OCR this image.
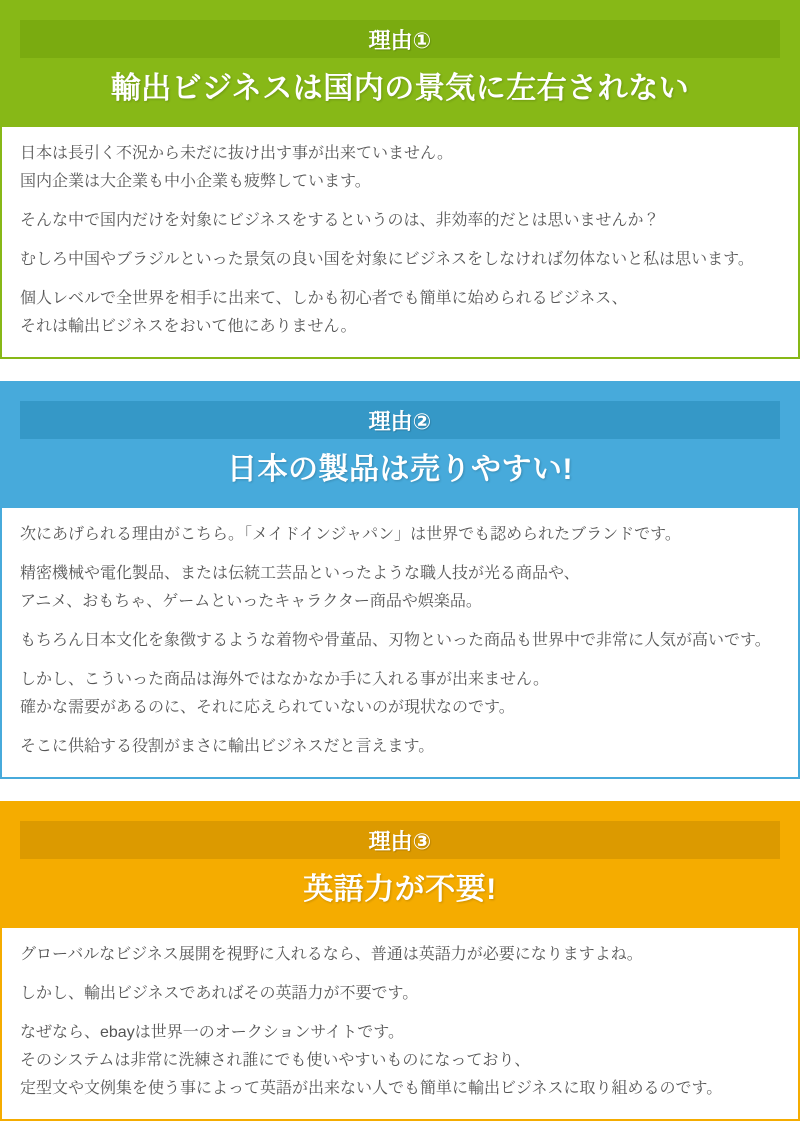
理由①
輸出ビジネスは国内の景気に左右されない

日本は長引く不況から未だに抜け出す事が出来ていません。
国内企業は大企業も中小企業も疲弊しています。

そんな中で国内だけを対象にビジネスをするというのは、非効率的だとは思いませんか？

むしろ中国やブラジルといった景気の良い国を対象にビジネスをしなければ勿体ないと私は思います。

個人レベルで全世界を相手に出来て、しかも初心者でも簡単に始められるビジネス、
それは輸出ビジネスをおいて他にありません。

理由②
日本の製品は売りやすい!

次にあげられる理由がこちら。「メイドインジャパン」は世界でも認められたブランドです。

精密機械や電化製品、または伝統工芸品といったような職人技が光る商品や、
アニメ、おもちゃ、ゲームといったキャラクター商品や娯楽品。

もちろん日本文化を象徴するような着物や骨董品、刃物といった商品も世界中で非常に人気が高いです。

しかし、こういった商品は海外ではなかなか手に入れる事が出来ません。
確かな需要があるのに、それに応えられていないのが現状なのです。

そこに供給する役割がまさに輸出ビジネスだと言えます。

理由③
英語力が不要!

グローバルなビジネス展開を視野に入れるなら、普通は英語力が必要になりますよね。

しかし、輸出ビジネスであればその英語力が不要です。

なぜなら、ebayは世界一のオークションサイトです。
そのシステムは非常に洗練され誰にでも使いやすいものになっており、
定型文や文例集を使う事によって英語が出来ない人でも簡単に輸出ビジネスに取り組めるのです。
